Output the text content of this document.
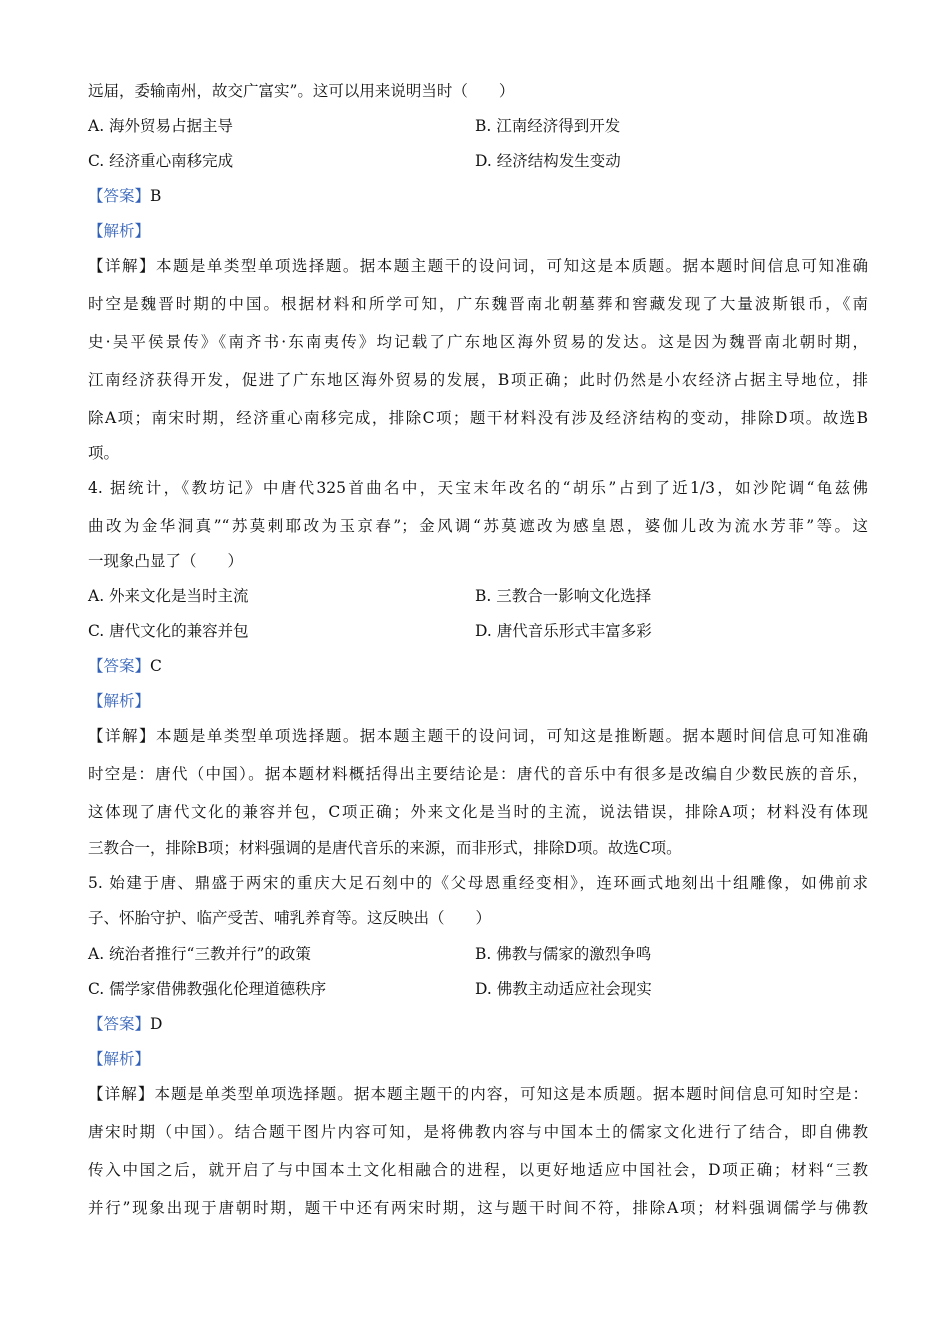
远届，委输南州，故交广富实”。这可以用来说明当时（　　）
A. 海外贸易占据主导	B. 江南经济得到开发
C. 经济重心南移完成	D. 经济结构发生变动
【答案】B
【解析】
【详解】本题是单类型单项选择题。据本题主题干的设问词，可知这是本质题。据本题时间信息可知准确
时空是魏晋时期的中国。根据材料和所学可知，广东魏晋南北朝墓葬和窖藏发现了大量波斯银币，《南
史·吴平侯景传》《南齐书·东南夷传》均记载了广东地区海外贸易的发达。这是因为魏晋南北朝时期，
江南经济获得开发，促进了广东地区海外贸易的发展，B项正确；此时仍然是小农经济占据主导地位，排
除A项；南宋时期，经济重心南移完成，排除C项；题干材料没有涉及经济结构的变动，排除D项。故选B
项。
4. 据统计，《教坊记》中唐代325首曲名中，天宝末年改名的“胡乐”占到了近1/3，如沙陀调“龟兹佛
曲改为金华洞真”“苏莫剌耶改为玉京春”；金风调“苏莫遮改为感皇恩，婆伽儿改为流水芳菲”等。这
一现象凸显了（　　）
A. 外来文化是当时主流	B. 三教合一影响文化选择
C. 唐代文化的兼容并包	D. 唐代音乐形式丰富多彩
【答案】C
【解析】
【详解】本题是单类型单项选择题。据本题主题干的设问词，可知这是推断题。据本题时间信息可知准确
时空是：唐代（中国）。据本题材料概括得出主要结论是：唐代的音乐中有很多是改编自少数民族的音乐，
这体现了唐代文化的兼容并包，C项正确；外来文化是当时的主流，说法错误，排除A项；材料没有体现
三教合一，排除B项；材料强调的是唐代音乐的来源，而非形式，排除D项。故选C项。
5. 始建于唐、鼎盛于两宋的重庆大足石刻中的《父母恩重经变相》，连环画式地刻出十组雕像，如佛前求
子、怀胎守护、临产受苦、哺乳养育等。这反映出（　　）
A. 统治者推行“三教并行”的政策	B. 佛教与儒家的激烈争鸣
C. 儒学家借佛教强化伦理道德秩序	D. 佛教主动适应社会现实
【答案】D
【解析】
【详解】本题是单类型单项选择题。据本题主题干的内容，可知这是本质题。据本题时间信息可知时空是：
唐宋时期（中国）。结合题干图片内容可知，是将佛教内容与中国本土的儒家文化进行了结合，即自佛教
传入中国之后，就开启了与中国本土文化相融合的进程，以更好地适应中国社会，D项正确；材料“三教
并行”现象出现于唐朝时期，题干中还有两宋时期，这与题干时间不符，排除A项；材料强调儒学与佛教
